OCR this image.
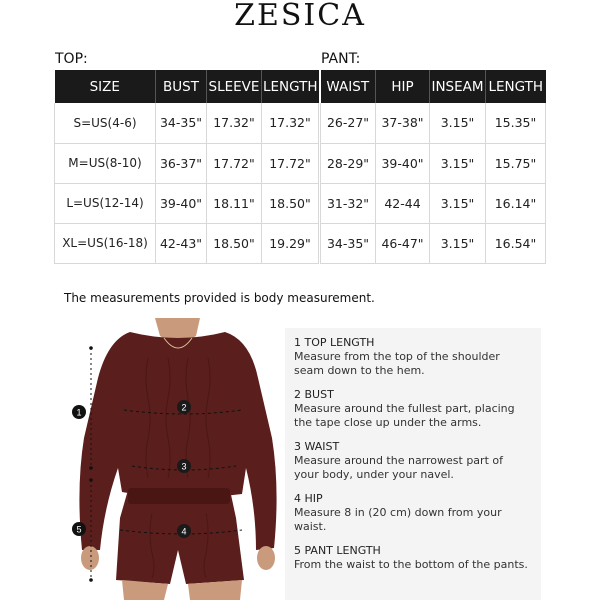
ZESICA
TOP:	PANT:
SIZE	BUST	SLEEVE	LENGTH
S=US(4-6)	34-35"	17.32"	17.32"
M=US(8-10)	36-37"	17.72"	17.72"
L=US(12-14)	39-40"	18.11"	18.50"
XL=US(16-18)	42-43"	18.50"	19.29"
WAIST	HIP	INSEAM	LENGTH
26-27"	37-38"	3.15"	15.35"
28-29"	39-40"	3.15"	15.75"
31-32"	42-44	3.15"	16.14"
34-35"	46-47"	3.15"	16.54"
The measurements provided is body measurement.
1	2
3
4
5
1 TOP LENGTH
Measure from the top of the shoulder seam down to the hem.
2 BUST
Measure around the fullest part, placing the tape close up under the arms.
3 WAIST
Measure around the narrowest part of your body, under your navel.
4 HIP
Measure 8 in (20 cm) down from your waist.
5 PANT LENGTH
From the waist to the bottom of the pants.
